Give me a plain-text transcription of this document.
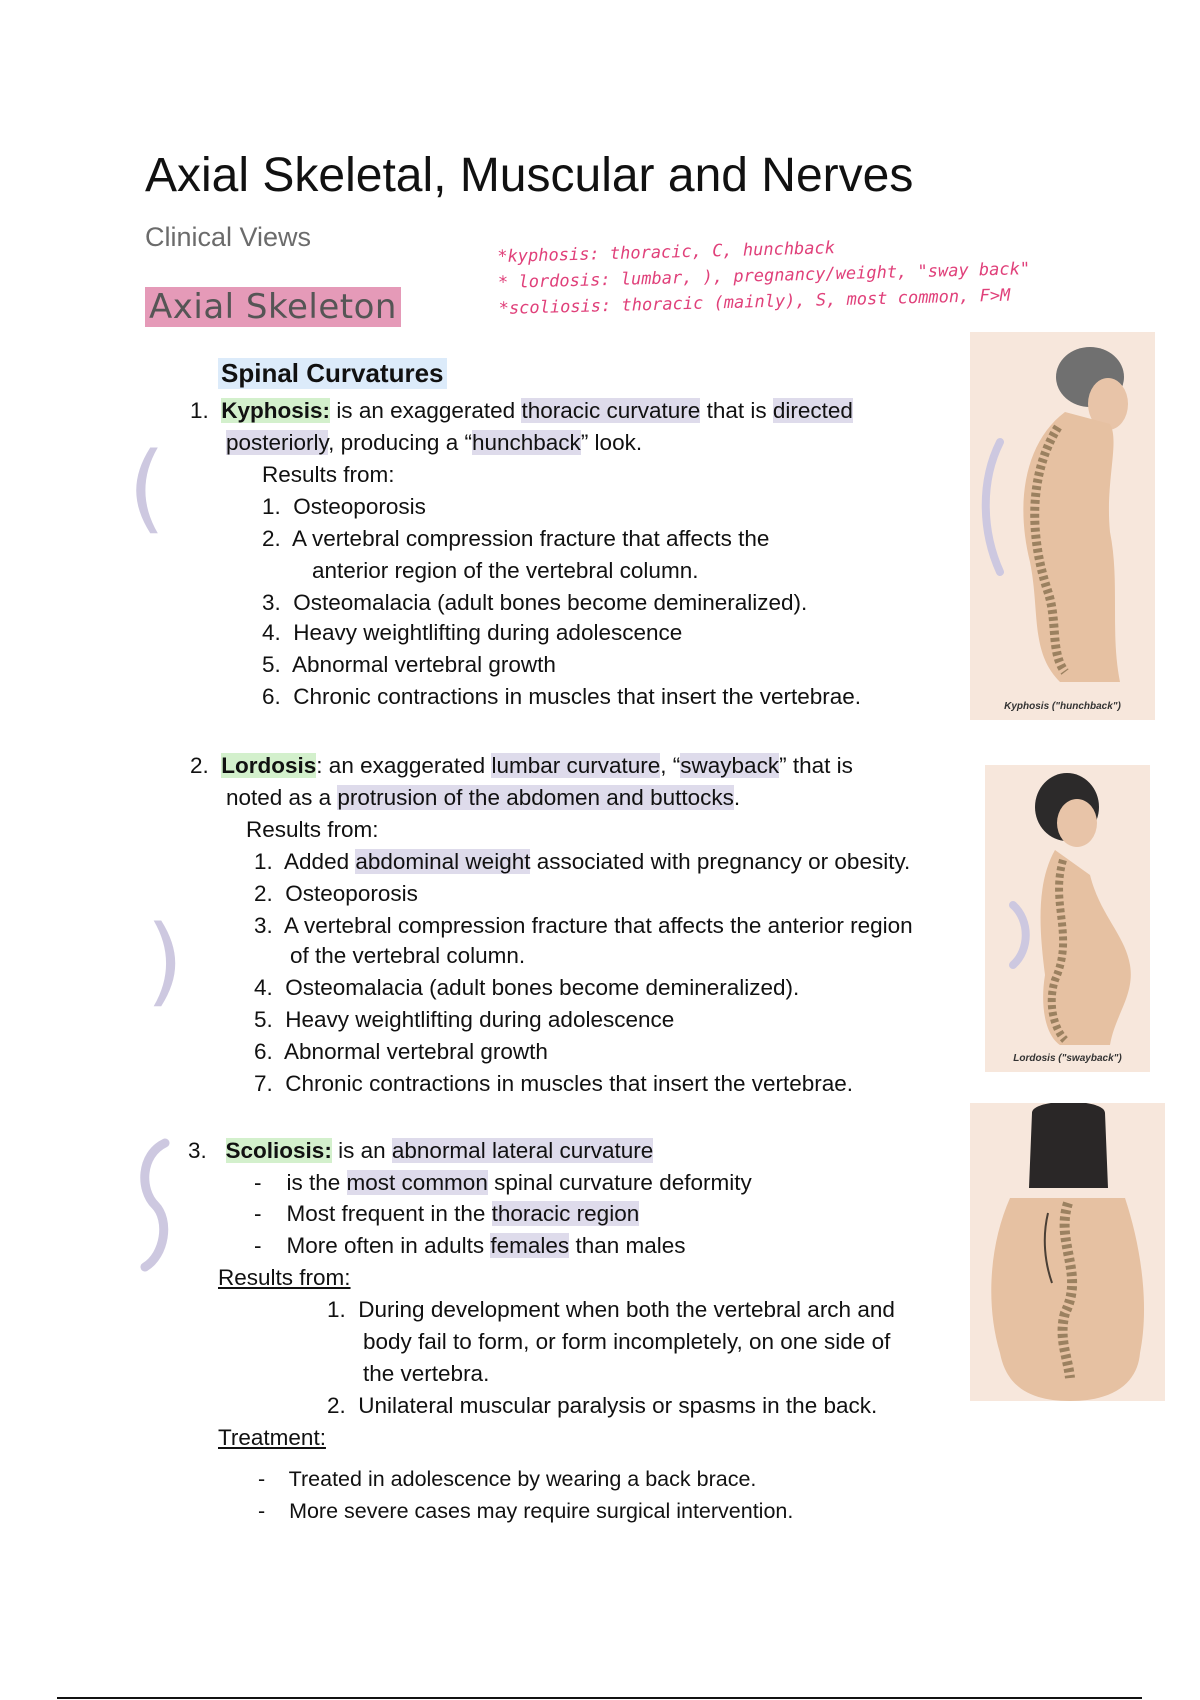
Axial Skeletal, Muscular and Nerves
Clinical Views
Axial Skeleton
*kyphosis: thoracic, C, hunchback
* lordosis: lumbar, ), pregnancy/weight, "sway back"
*scoliosis: thoracic (mainly), S, most common, F>M
Spinal Curvatures
(
)
1. Kyphosis: is an exaggerated thoracic curvature that is directed
posteriorly, producing a “hunchback” look.
Results from:
1. Osteoporosis
2. A vertebral compression fracture that affects the
anterior region of the vertebral column.
3. Osteomalacia (adult bones become demineralized).
4. Heavy weightlifting during adolescence
5. Abnormal vertebral growth
6. Chronic contractions in muscles that insert the vertebrae.	Kyphosis ("hunchback")
2. Lordosis: an exaggerated lumbar curvature, “swayback” that is
noted as a protrusion of the abdomen and buttocks.
Results from:
1. Added abdominal weight associated with pregnancy or obesity.
2. Osteoporosis
3. A vertebral compression fracture that affects the anterior region
of the vertebral column.
4. Osteomalacia (adult bones become demineralized).
5. Heavy weightlifting during adolescence
6. Abnormal vertebral growth
7. Chronic contractions in muscles that insert the vertebrae.
Lordosis ("swayback")
3. Scoliosis: is an abnormal lateral curvature
-    is the most common spinal curvature deformity
-    Most frequent in the thoracic region
-    More often in adults females than males
Results from:
1. During development when both the vertebral arch and
body fail to form, or form incompletely, on one side of
the vertebra.
2. Unilateral muscular paralysis or spasms in the back.
Treatment:
-    Treated in adolescence by wearing a back brace.
-    More severe cases may require surgical intervention.
